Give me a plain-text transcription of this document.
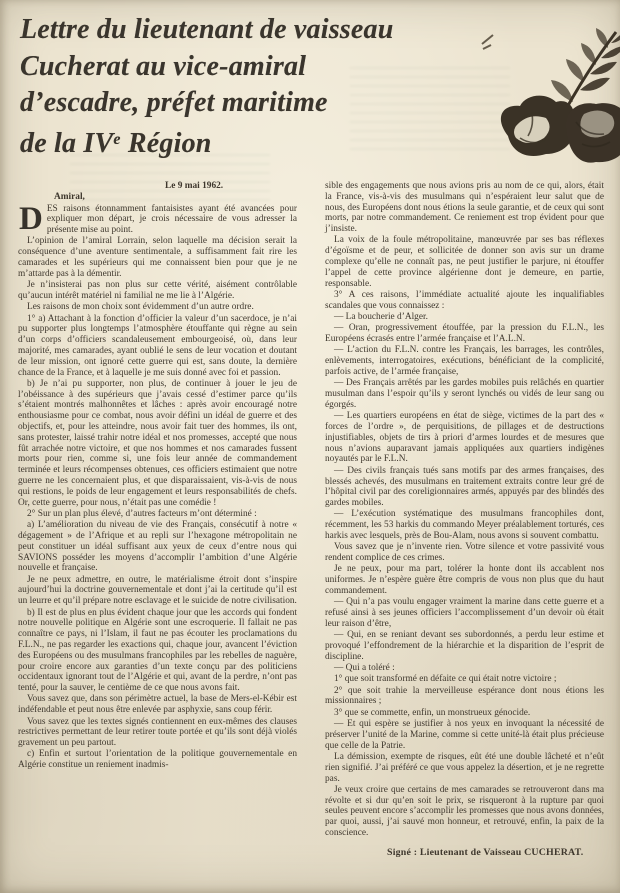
Lettre du lieutenant de vaisseau
Cucherat au vice-amiral
d’escadre, préfet maritime
de la IVe Région

Le 9 mai 1962.

Amiral,

DES raisons étonnamment fantaisistes ayant été avancées pour expliquer mon départ, je crois nécessaire de vous adresser la présente mise au point.

L’opinion de l’amiral Lorrain, selon laquelle ma décision serait la conséquence d’une aventure sentimentale, a suffisamment fait rire les camarades et les supérieurs qui me connaissent bien pour que je ne m’attarde pas à la démentir.

Je n’insisterai pas non plus sur cette vérité, aisément contrôlable qu’aucun intérêt matériel ni familial ne me lie à l’Algérie.

Les raisons de mon choix sont évidemment d’un autre ordre.

1° a) Attachant à la fonction d’officier la valeur d’un sacerdoce, je n’ai pu supporter plus longtemps l’atmosphère étouffante qui règne au sein d’un corps d’officiers scandaleusement embourgeoisé, où, dans leur majorité, mes camarades, ayant oublié le sens de leur vocation et doutant de leur mission, ont ignoré cette guerre qui est, sans doute, la dernière chance de la France, et à laquelle je me suis donné avec foi et passion.

b) Je n’ai pu supporter, non plus, de continuer à jouer le jeu de l’obéissance à des supérieurs que j’avais cessé d’estimer parce qu’ils s’étaient montrés malhonnêtes et lâches : après avoir encouragé notre enthousiasme pour ce combat, nous avoir défini un idéal de guerre et des objectifs, et, pour les atteindre, nous avoir fait tuer des hommes, ils ont, sans protester, laissé trahir notre idéal et nos promesses, accepté que nous fût arrachée notre victoire, et que nos hommes et nos camarades fussent morts pour rien, comme si, une fois leur année de commandement terminée et leurs récompenses obtenues, ces officiers estimaient que notre guerre ne les concernaient plus, et que disparaissaient, vis-à-vis de nous qui restions, le poids de leur engagement et leurs responsabilités de chefs. Or, cette guerre, pour nous, n’était pas une comédie !

2° Sur un plan plus élevé, d’autres facteurs m’ont déterminé :

a) L’amélioration du niveau de vie des Français, consécutif à notre « dégagement » de l’Afrique et au repli sur l’hexagone métropolitain ne peut constituer un idéal suffisant aux yeux de ceux d’entre nous qui SAVIONS posséder les moyens d’accomplir l’ambition d’une Algérie nouvelle et française.

Je ne peux admettre, en outre, le matérialisme étroit dont s’inspire aujourd’hui la doctrine gouvernementale et dont j’ai la certitude qu’il est un leurre et qu’il prépare notre esclavage et le suicide de notre civilisation.

b) Il est de plus en plus évident chaque jour que les accords qui fondent notre nouvelle politique en Algérie sont une escroquerie. Il fallait ne pas connaître ce pays, ni l’Islam, il faut ne pas écouter les proclamations du F.L.N., ne pas regarder les exactions qui, chaque jour, avancent l’éviction des Européens ou des musulmans francophiles par les rebelles de naguère, pour croire encore aux garanties d’un texte conçu par des politiciens occidentaux ignorant tout de l’Algérie et qui, avant de la perdre, n’ont pas tenté, pour la sauver, le centième de ce que nous avons fait.

Vous savez que, dans son périmètre actuel, la base de Mers-el-Kébir est indéfendable et peut nous être enlevée par asphyxie, sans coup férir.

Vous savez que les textes signés contiennent en eux-mêmes des clauses restrictives permettant de leur retirer toute portée et qu’ils sont déjà violés gravement un peu partout.

c) Enfin et surtout l’orientation de la politique gouvernementale en Algérie constitue un reniement inadmis-

sible des engagements que nous avions pris au nom de ce qui, alors, était la France, vis-à-vis des musulmans qui n’espéraient leur salut que de nous, des Européens dont nous étions la seule garantie, et de ceux qui sont morts, par notre commandement. Ce reniement est trop évident pour que j’insiste.

La voix de la foule métropolitaine, manœuvrée par ses bas réflexes d’égoïsme et de peur, et sollicitée de donner son avis sur un drame complexe qu’elle ne connaît pas, ne peut justifier le parjure, ni étouffer l’appel de cette province algérienne dont je demeure, en partie, responsable.

3° A ces raisons, l’immédiate actualité ajoute les inqualifiables scandales que vous connaissez :

— La boucherie d’Alger.

— Oran, progressivement étouffée, par la pression du F.L.N., les Européens écrasés entre l’armée française et l’A.L.N.

— L’action du F.L.N. contre les Français, les barrages, les contrôles, enlèvements, interrogatoires, exécutions, bénéficiant de la complicité, parfois active, de l’armée française,

— Des Français arrêtés par les gardes mobiles puis relâchés en quartier musulman dans l’espoir qu’ils y seront lynchés ou vidés de leur sang ou égorgés.

— Les quartiers européens en état de siège, victimes de la part des « forces de l’ordre », de perquisitions, de pillages et de destructions injustifiables, objets de tirs à priori d’armes lourdes et de mesures que nous n’avions auparavant jamais appliquées aux quartiers indigènes noyautés par le F.L.N.

— Des civils français tués sans motifs par des armes françaises, des blessés achevés, des musulmans en traitement extraits contre leur gré de l’hôpital civil par des coreligionnaires armés, appuyés par des blindés des gardes mobiles.

— L’exécution systématique des musulmans francophiles dont, récemment, les 53 harkis du commando Meyer préalablement torturés, ces harkis avec lesquels, près de Bou-Alam, nous avons si souvent combattu.

Vous savez que je n’invente rien. Votre silence et votre passivité vous rendent complice de ces crimes.

Je ne peux, pour ma part, tolérer la honte dont ils accablent nos uniformes. Je n’espère guère être compris de vous non plus que du haut commandement.

— Qui n’a pas voulu engager vraiment la marine dans cette guerre et a refusé ainsi à ses jeunes officiers l’accomplissement d’un devoir où était leur raison d’être,

— Qui, en se reniant devant ses subordonnés, a perdu leur estime et provoqué l’effondrement de la hiérarchie et la disparition de l’esprit de discipline.

— Qui a toléré :

1° que soit transformé en défaite ce qui était notre victoire ;

2° que soit trahie la merveilleuse espérance dont nous étions les missionnaires ;

3° que se commette, enfin, un monstrueux génocide.

— Et qui espère se justifier à nos yeux en invoquant la nécessité de préserver l’unité de la Marine, comme si cette unité-là était plus précieuse que celle de la Patrie.

La démission, exempte de risques, eût été une double lâcheté et n’eût rien signifié. J’ai préféré ce que vous appelez la désertion, et je ne regrette pas.

Je veux croire que certains de mes camarades se retrouveront dans ma révolte et si dur qu’en soit le prix, se risqueront à la rupture par quoi seules peuvent encore s’accomplir les promesses que nous avons données, par quoi, aussi, j’ai sauvé mon honneur, et retrouvé, enfin, la paix de la conscience.

Signé : Lieutenant de Vaisseau CUCHERAT.
